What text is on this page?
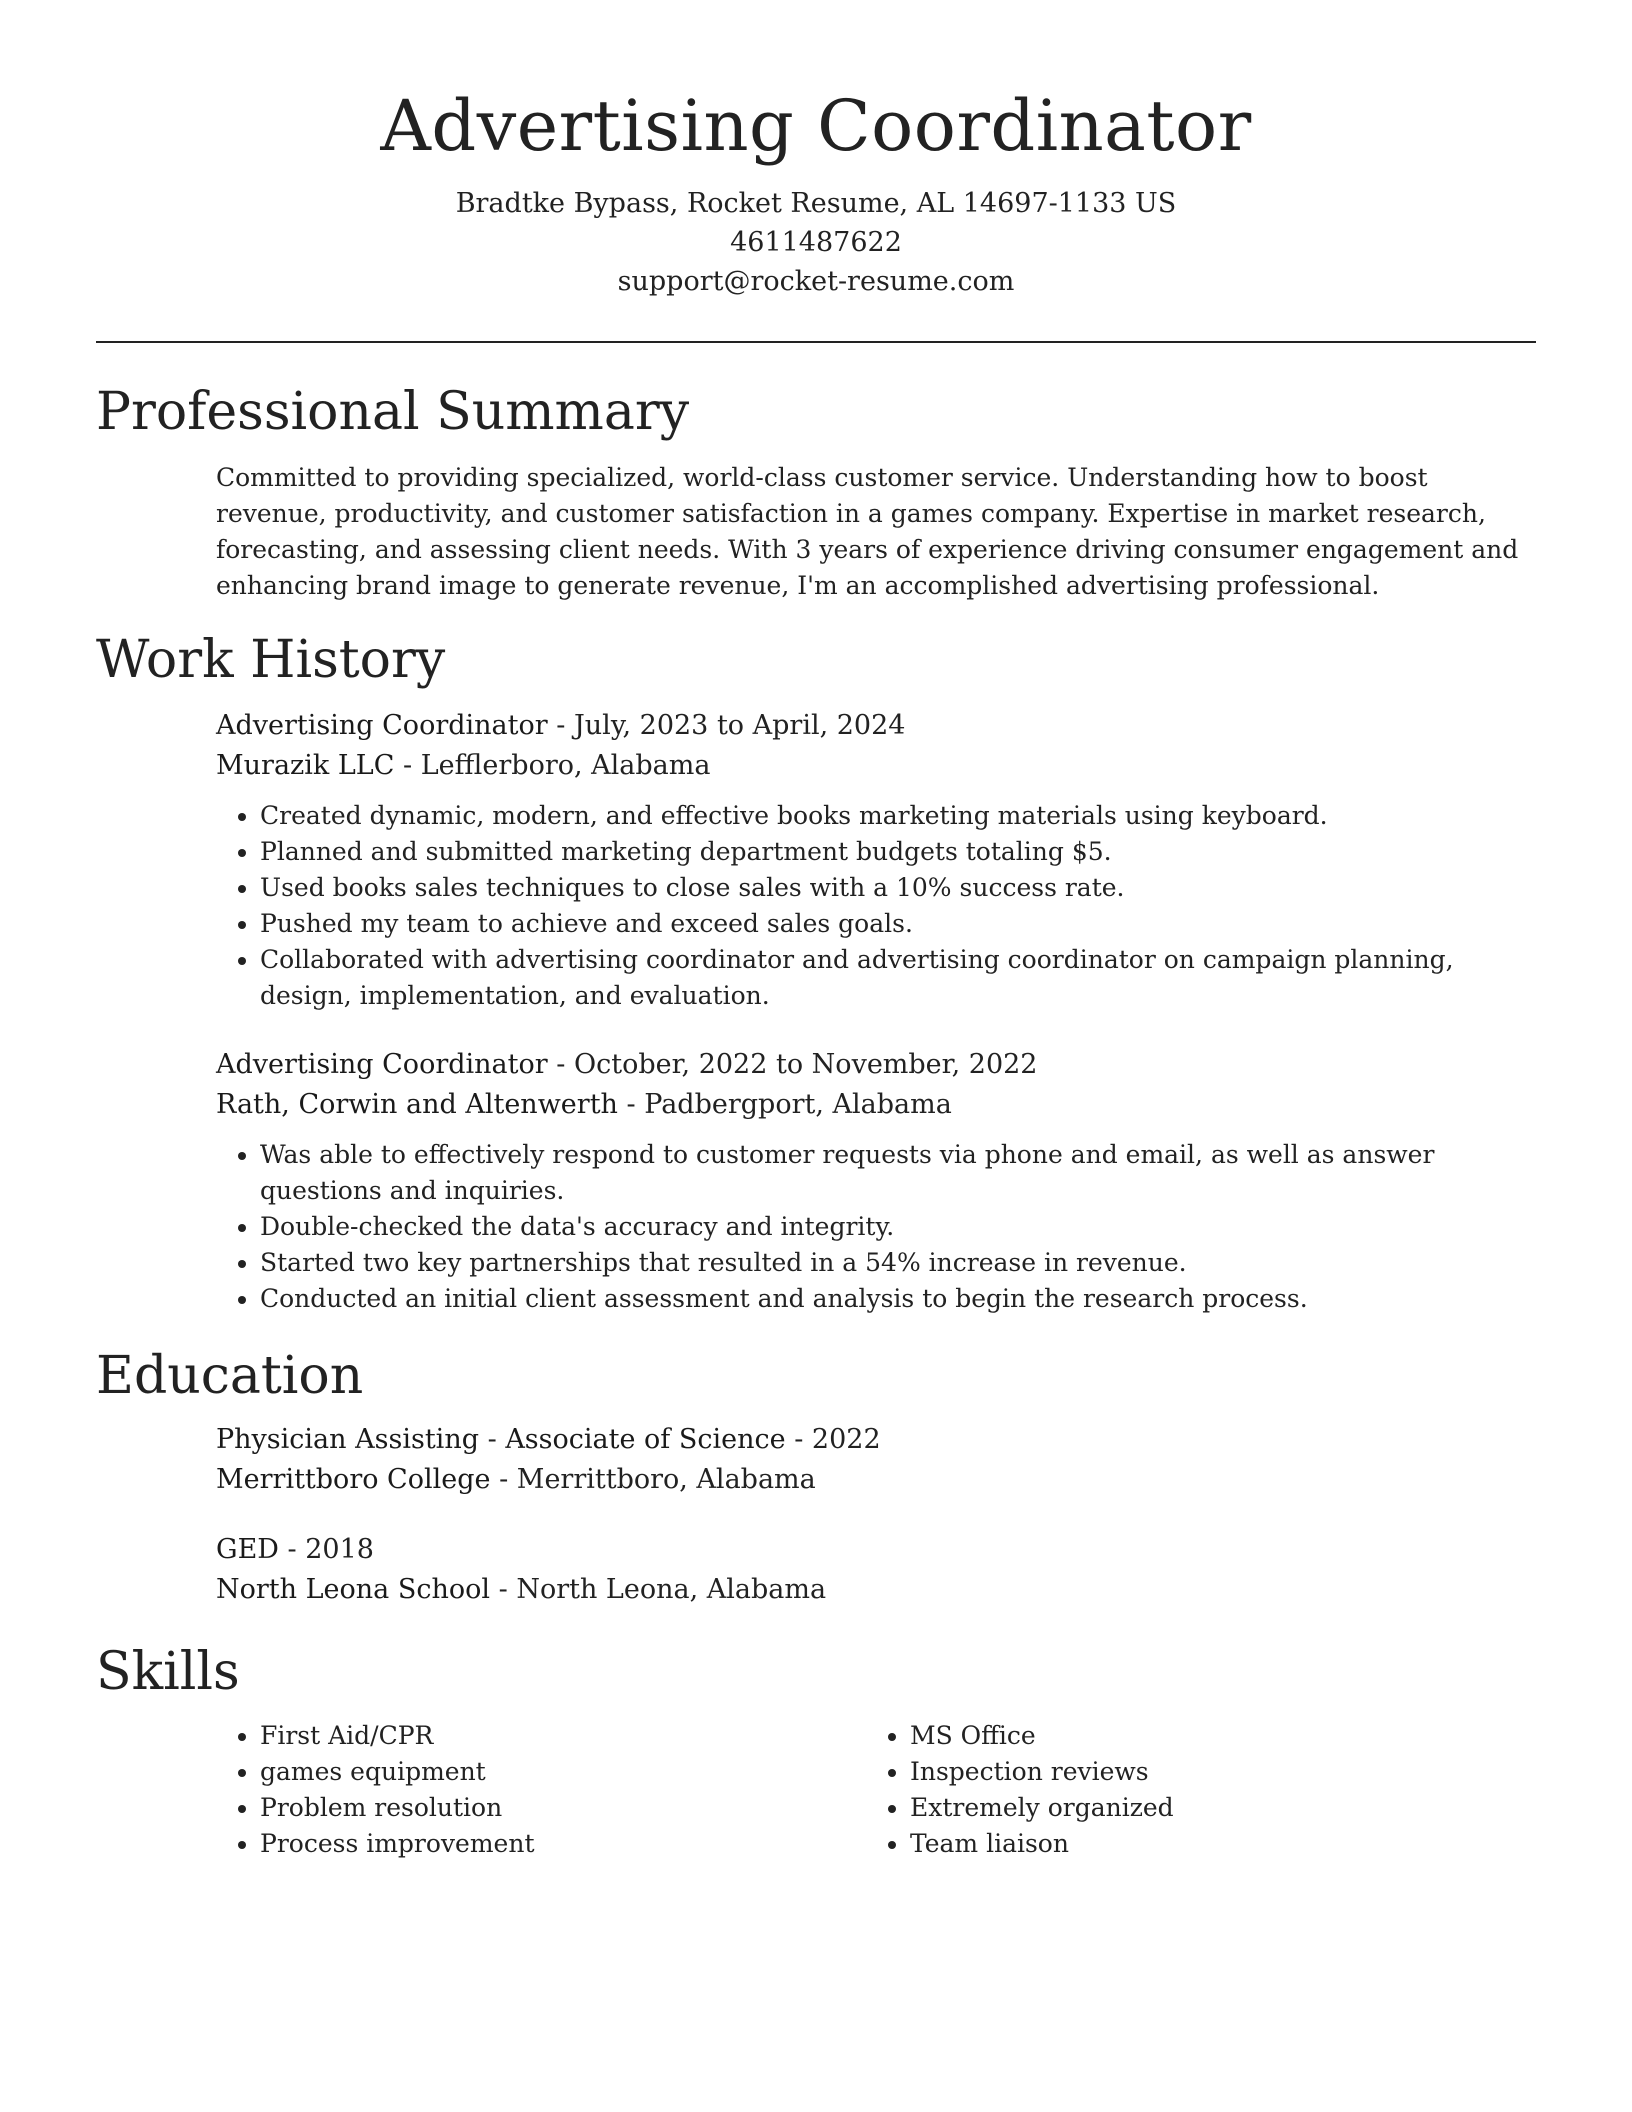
Advertising Coordinator
Bradtke Bypass, Rocket Resume, AL 14697-1133 US
4611487622
support@rocket-resume.com
Professional Summary

Committed to providing specialized, world-class customer service. Understanding how to boost revenue, productivity, and customer satisfaction in a games company. Expertise in market research, forecasting, and assessing client needs. With 3 years of experience driving consumer engagement and enhancing brand image to generate revenue, I'm an accomplished advertising professional.

Work History
Advertising Coordinator - July, 2023 to April, 2024
Murazik LLC - Lefflerboro, Alabama
• Created dynamic, modern, and effective books marketing materials using keyboard.
• Planned and submitted marketing department budgets totaling $5.
• Used books sales techniques to close sales with a 10% success rate.
• Pushed my team to achieve and exceed sales goals.
• Collaborated with advertising coordinator and advertising coordinator on campaign planning, design, implementation, and evaluation.
Advertising Coordinator - October, 2022 to November, 2022
Rath, Corwin and Altenwerth - Padbergport, Alabama
• Was able to effectively respond to customer requests via phone and email, as well as answer questions and inquiries.
• Double-checked the data's accuracy and integrity.
• Started two key partnerships that resulted in a 54% increase in revenue.
• Conducted an initial client assessment and analysis to begin the research process.
Education
Physician Assisting - Associate of Science - 2022
Merrittboro College - Merrittboro, Alabama
GED - 2018
North Leona School - North Leona, Alabama
Skills
• First Aid/CPR
• games equipment
• Problem resolution
• Process improvement
• MS Office
• Inspection reviews
• Extremely organized
• Team liaison
